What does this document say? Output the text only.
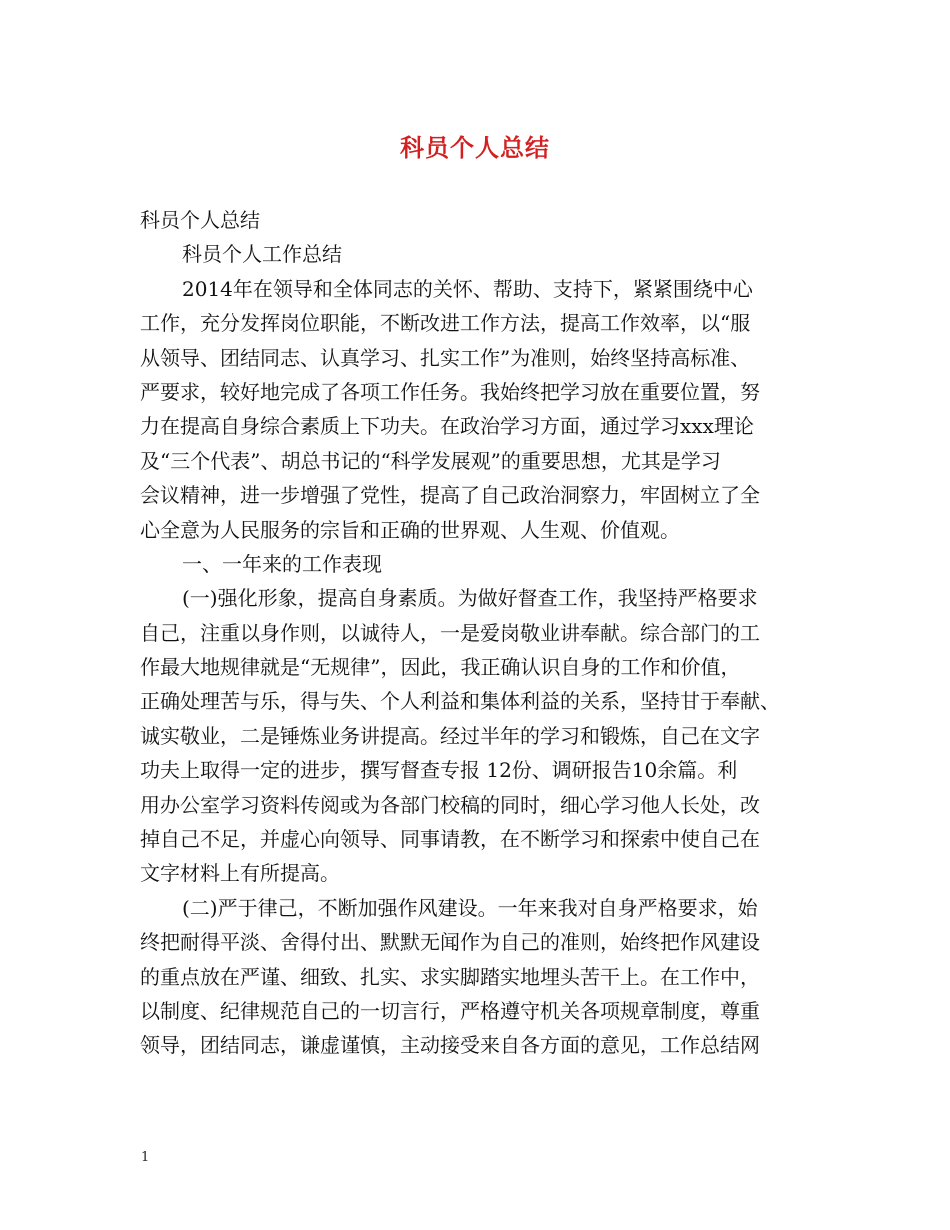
科员个人总结
科员个人总结
科员个人工作总结
2014年在领导和全体同志的关怀、帮助、支持下，紧紧围绕中心
工作，充分发挥岗位职能，不断改进工作方法，提高工作效率，以“服
从领导、团结同志、认真学习、扎实工作”为准则，始终坚持高标准、
严要求，较好地完成了各项工作任务。我始终把学习放在重要位置，努
力在提高自身综合素质上下功夫。在政治学习方面，通过学习xxx理论
及“三个代表”、胡总书记的“科学发展观”的重要思想，尤其是学习
会议精神，进一步增强了党性，提高了自己政治洞察力，牢固树立了全
心全意为人民服务的宗旨和正确的世界观、人生观、价值观。
一、一年来的工作表现
(一)强化形象，提高自身素质。为做好督查工作，我坚持严格要求
自己，注重以身作则，以诚待人，一是爱岗敬业讲奉献。综合部门的工
作最大地规律就是“无规律”，因此，我正确认识自身的工作和价值，
正确处理苦与乐，得与失、个人利益和集体利益的关系，坚持甘于奉献、
诚实敬业，二是锤炼业务讲提高。经过半年的学习和锻炼，自己在文字
功夫上取得一定的进步，撰写督查专报 12份、调研报告10余篇。利
用办公室学习资料传阅或为各部门校稿的同时，细心学习他人长处，改
掉自己不足，并虚心向领导、同事请教，在不断学习和探索中使自己在
文字材料上有所提高。
(二)严于律己，不断加强作风建设。一年来我对自身严格要求，始
终把耐得平淡、舍得付出、默默无闻作为自己的准则，始终把作风建设
的重点放在严谨、细致、扎实、求实脚踏实地埋头苦干上。在工作中，
以制度、纪律规范自己的一切言行，严格遵守机关各项规章制度，尊重
领导，团结同志，谦虚谨慎，主动接受来自各方面的意见，工作总结网
1
